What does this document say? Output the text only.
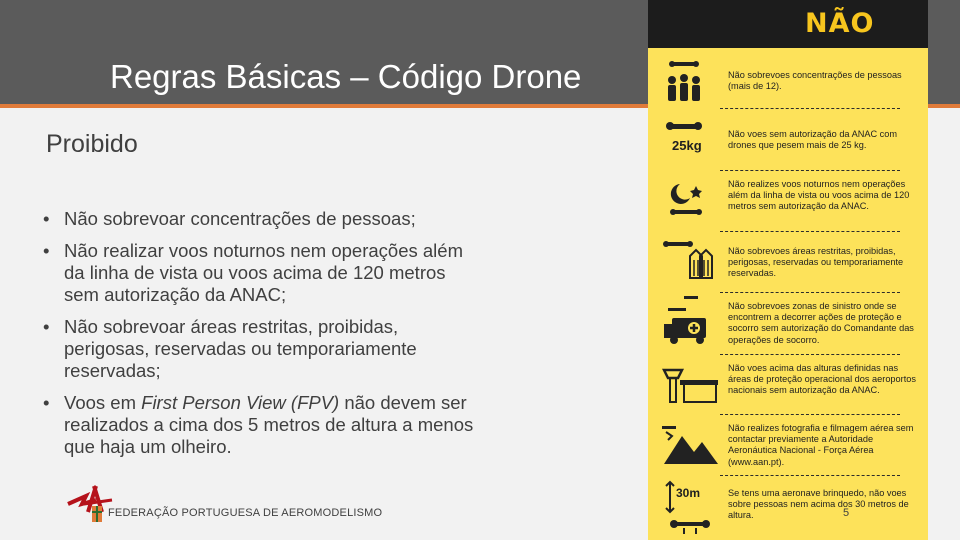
Regras Básicas – Código Drone
Proibido
• Não sobrevoar concentrações de pessoas;
• Não realizar voos noturnos nem operações além da linha de vista ou voos acima de 120 metros sem autorização da ANAC;
• Não sobrevoar áreas restritas, proibidas, perigosas, reservadas ou temporariamente reservadas;
• Voos em First Person View (FPV) não devem ser realizados a cima dos 5 metros de altura a menos que haja um olheiro.
FEDERAÇÃO PORTUGUESA DE AEROMODELISMO
NÃO
Não sobrevoes concentrações de pessoas (mais de 12).
25kg
Não voes sem autorização da ANAC com drones que pesem mais de 25 kg.
Não realizes voos noturnos nem operações além da linha de vista ou voos acima de 120 metros sem autorização da ANAC.
Não sobrevoes áreas restritas, proibidas, perigosas, reservadas ou temporariamente reservadas.
Não sobrevoes zonas de sinistro onde se encontrem a decorrer ações de proteção e socorro sem autorização do Comandante das operações de socorro.
Não voes acima das alturas definidas nas áreas de proteção operacional dos aeroportos nacionais sem autorização da ANAC.
Não realizes fotografia e filmagem aérea sem contactar previamente a Autoridade Aeronáutica Nacional - Força Aérea (www.aan.pt).
30m	Se tens uma aeronave brinquedo, não voes sobre pessoas nem acima dos 30 metros de altura.	5
